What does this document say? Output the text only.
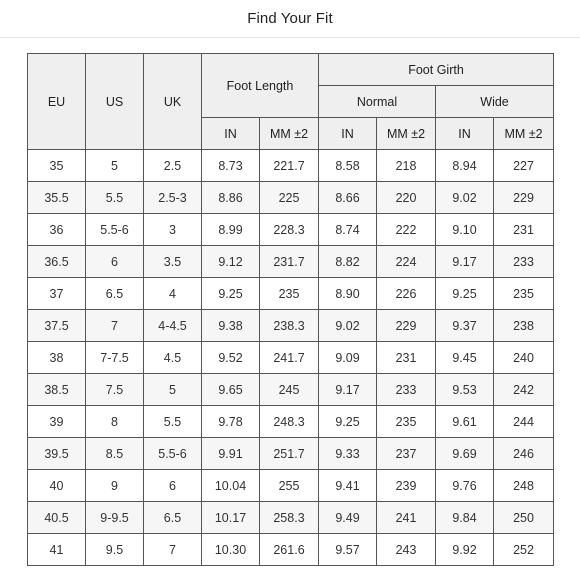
Find Your Fit
EU	US	UK	Foot Length		Foot Girth			
					Normal		Wide	
			IN	MM ±2	IN	MM ±2	IN	MM ±2
35	5	2.5	8.73	221.7	8.58	218	8.94	227
35.5	5.5	2.5-3	8.86	225	8.66	220	9.02	229
36	5.5-6	3	8.99	228.3	8.74	222	9.10	231
36.5	6	3.5	9.12	231.7	8.82	224	9.17	233
37	6.5	4	9.25	235	8.90	226	9.25	235
37.5	7	4-4.5	9.38	238.3	9.02	229	9.37	238
38	7-7.5	4.5	9.52	241.7	9.09	231	9.45	240
38.5	7.5	5	9.65	245	9.17	233	9.53	242
39	8	5.5	9.78	248.3	9.25	235	9.61	244
39.5	8.5	5.5-6	9.91	251.7	9.33	237	9.69	246
40	9	6	10.04	255	9.41	239	9.76	248
40.5	9-9.5	6.5	10.17	258.3	9.49	241	9.84	250
41	9.5	7	10.30	261.6	9.57	243	9.92	252
